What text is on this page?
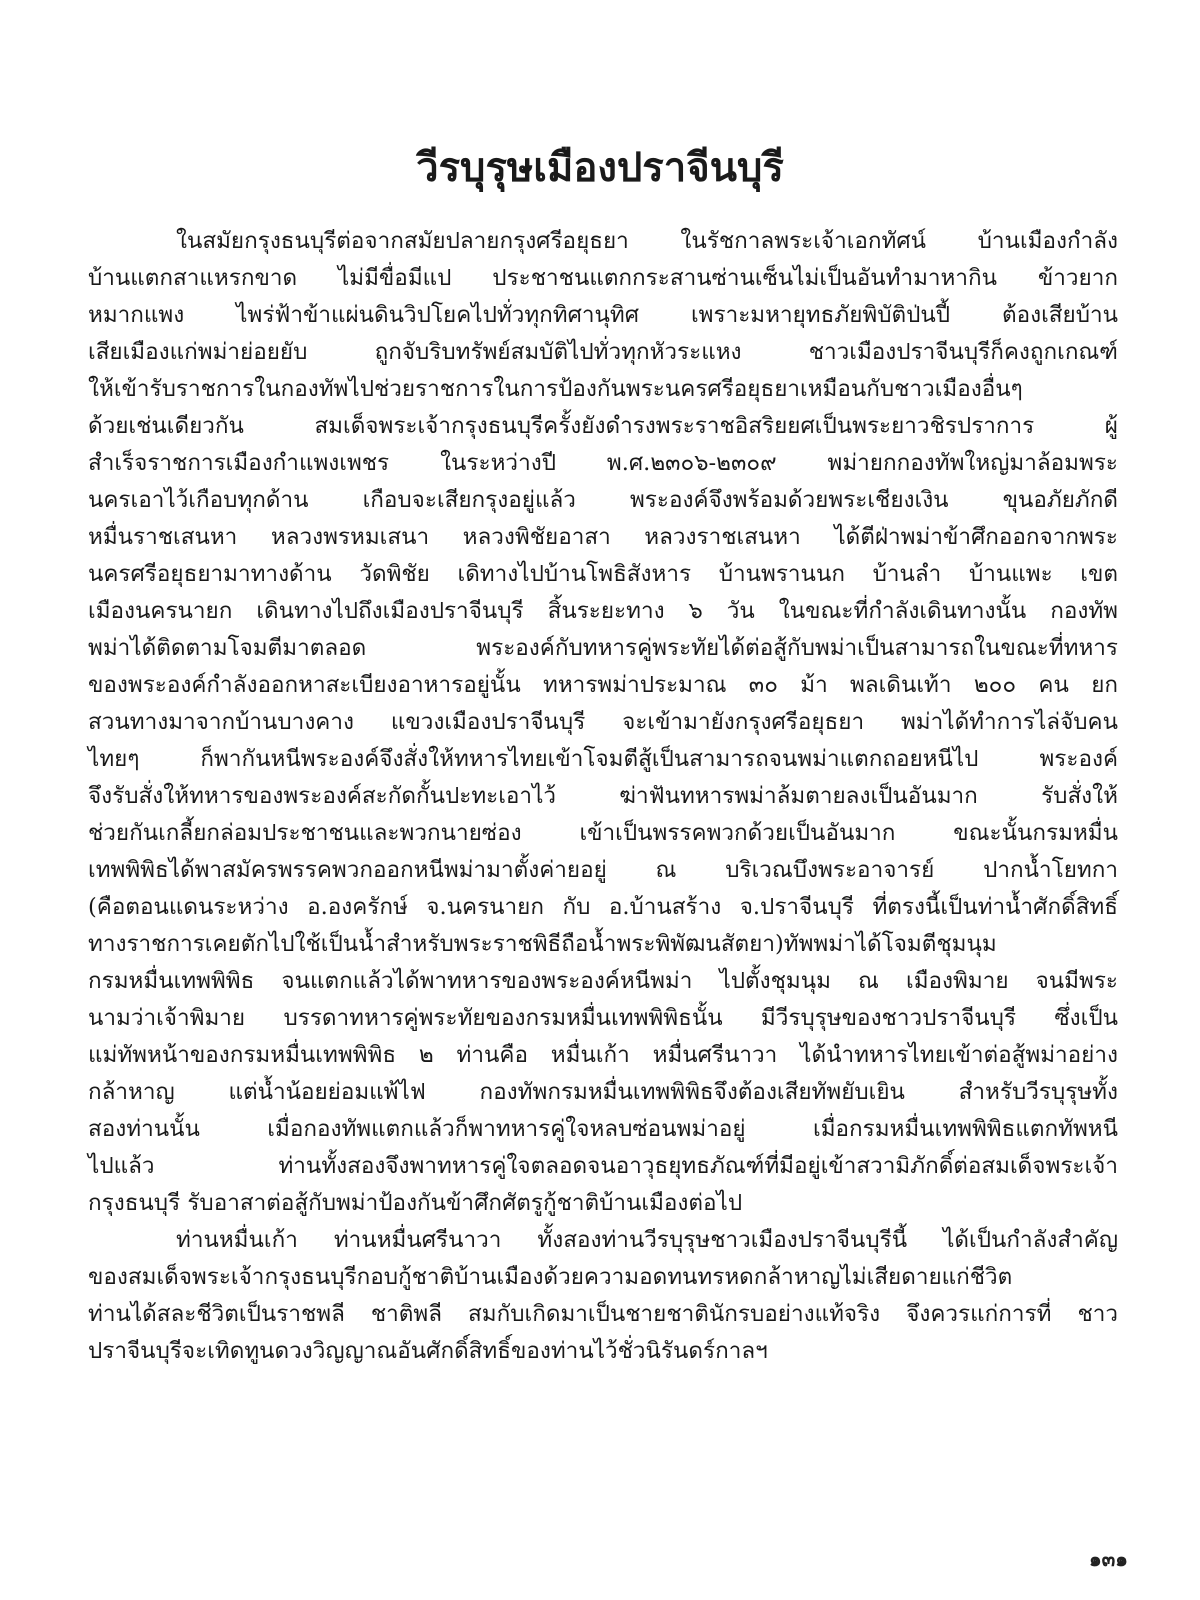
วีรบุรุษเมืองปราจีนบุรี
ในสมัยกรุงธนบุรีต่อจากสมัยปลายกรุงศรีอยุธยา ในรัชกาลพระเจ้าเอกทัศน์ บ้านเมืองกำลัง
บ้านแตกสาแหรกขาด ไม่มีขื่อมีแป ประชาชนแตกกระสานซ่านเซ็นไม่เป็นอันทำมาหากิน ข้าวยาก
หมากแพง ไพร่ฟ้าข้าแผ่นดินวิปโยคไปทั่วทุกทิศานุทิศ เพราะมหายุทธภัยพิบัติป่นปี้ ต้องเสียบ้าน
เสียเมืองแก่พม่าย่อยยับ ถูกจับริบทรัพย์สมบัติไปทั่วทุกหัวระแหง ชาวเมืองปราจีนบุรีก็คงถูกเกณฑ์
ให้เข้ารับราชการในกองทัพไปช่วยราชการในการป้องกันพระนครศรีอยุธยาเหมือนกับชาวเมืองอื่นๆ
ด้วยเช่นเดียวกัน สมเด็จพระเจ้ากรุงธนบุรีครั้งยังดำรงพระราชอิสริยยศเป็นพระยาวชิรปราการ ผู้
สำเร็จราชการเมืองกำแพงเพชร ในระหว่างปี พ.ศ.๒๓๐๖-๒๓๐๙ พม่ายกกองทัพใหญ่มาล้อมพระ
นครเอาไว้เกือบทุกด้าน เกือบจะเสียกรุงอยู่แล้ว พระองค์จึงพร้อมด้วยพระเชียงเงิน ขุนอภัยภักดี
หมื่นราชเสนหา หลวงพรหมเสนา หลวงพิชัยอาสา หลวงราชเสนหา ได้ตีฝ่าพม่าข้าศึกออกจากพระ
นครศรีอยุธยามาทางด้าน วัดพิชัย เดิทางไปบ้านโพธิสังหาร บ้านพรานนก บ้านลำ บ้านแพะ เขต
เมืองนครนายก เดินทางไปถึงเมืองปราจีนบุรี สิ้นระยะทาง ๖ วัน ในขณะที่กำลังเดินทางนั้น กองทัพ
พม่าได้ติดตามโจมตีมาตลอด พระองค์กับทหารคู่พระทัยได้ต่อสู้กับพม่าเป็นสามารถในขณะที่ทหาร
ของพระองค์กำลังออกหาสะเบียงอาหารอยู่นั้น ทหารพม่าประมาณ ๓๐ ม้า พลเดินเท้า ๒๐๐ คน ยก
สวนทางมาจากบ้านบางคาง แขวงเมืองปราจีนบุรี จะเข้ามายังกรุงศรีอยุธยา พม่าได้ทำการไล่จับคน
ไทยๆ ก็พากันหนีพระองค์จึงสั่งให้ทหารไทยเข้าโจมตีสู้เป็นสามารถจนพม่าแตกถอยหนีไป พระองค์
จึงรับสั่งให้ทหารของพระองค์สะกัดกั้นปะทะเอาไว้ ฆ่าฟันทหารพม่าล้มตายลงเป็นอันมาก รับสั่งให้
ช่วยกันเกลี้ยกล่อมประชาชนและพวกนายซ่อง เข้าเป็นพรรคพวกด้วยเป็นอันมาก ขณะนั้นกรมหมื่น
เทพพิพิธได้พาสมัครพรรคพวกออกหนีพม่ามาตั้งค่ายอยู่ ณ บริเวณบึงพระอาจารย์ ปากน้ำโยทกา
(คือตอนแดนระหว่าง อ.องครักษ์ จ.นครนายก กับ อ.บ้านสร้าง จ.ปราจีนบุรี ที่ตรงนี้เป็นท่าน้ำศักดิ์สิทธิ์
ทางราชการเคยตักไปใช้เป็นน้ำสำหรับพระราชพิธีถือน้ำพระพิพัฒนสัตยา)ทัพพม่าได้โจมตีชุมนุม
กรมหมื่นเทพพิพิธ จนแตกแล้วได้พาทหารของพระองค์หนีพม่า ไปตั้งชุมนุม ณ เมืองพิมาย จนมีพระ
นามว่าเจ้าพิมาย บรรดาทหารคู่พระทัยของกรมหมื่นเทพพิพิธนั้น มีวีรบุรุษของชาวปราจีนบุรี ซึ่งเป็น
แม่ทัพหน้าของกรมหมื่นเทพพิพิธ ๒ ท่านคือ หมื่นเก้า หมื่นศรีนาวา ได้นำทหารไทยเข้าต่อสู้พม่าอย่าง
กล้าหาญ แต่น้ำน้อยย่อมแพ้ไฟ กองทัพกรมหมื่นเทพพิพิธจึงต้องเสียทัพยับเยิน สำหรับวีรบุรุษทั้ง
สองท่านนั้น เมื่อกองทัพแตกแล้วก็พาทหารคู่ใจหลบซ่อนพม่าอยู่ เมื่อกรมหมื่นเทพพิพิธแตกทัพหนี
ไปแล้ว ท่านทั้งสองจึงพาทหารคู่ใจตลอดจนอาวุธยุทธภัณฑ์ที่มีอยู่เข้าสวามิภักดิ์ต่อสมเด็จพระเจ้า
กรุงธนบุรี รับอาสาต่อสู้กับพม่าป้องกันข้าศึกศัตรูกู้ชาติบ้านเมืองต่อไป
ท่านหมื่นเก้า ท่านหมื่นศรีนาวา ทั้งสองท่านวีรบุรุษชาวเมืองปราจีนบุรีนี้ ได้เป็นกำลังสำคัญ
ของสมเด็จพระเจ้ากรุงธนบุรีกอบกู้ชาติบ้านเมืองด้วยความอดทนทรหดกล้าหาญไม่เสียดายแก่ชีวิต
ท่านได้สละชีวิตเป็นราชพลี ชาติพลี สมกับเกิดมาเป็นชายชาตินักรบอย่างแท้จริง จึงควรแก่การที่ ชาว
ปราจีนบุรีจะเทิดทูนดวงวิญญาณอันศักดิ์สิทธิ์ของท่านไว้ชั่วนิรันดร์กาลฯ
๑๓๑
